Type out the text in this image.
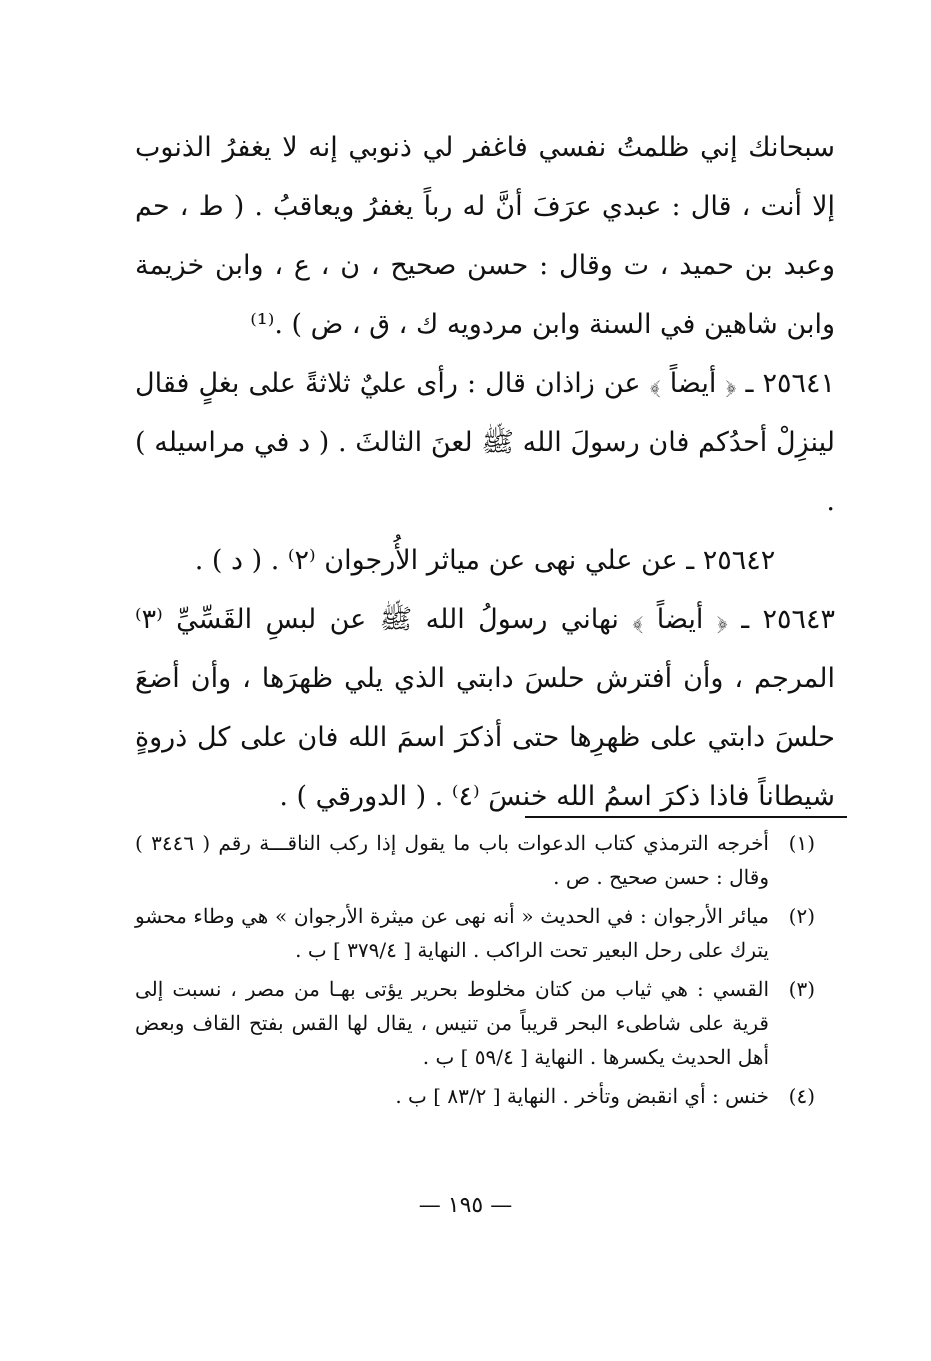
سبحانك إني ظلمتُ نفسي فاغفر لي ذنوبي إنه لا يغفرُ الذنوب إلا أنت ، قال : عبدي عرَفَ أنَّ له رباً يغفرُ ويعاقبُ . ( ط ، حم وعبد بن حميد ، ت وقال : حسن صحيح ، ن ، ع ، وابن خزيمة وابن شاهين في السنة وابن مردويه ك ، ق ، ض ) .⁽¹⁾

٢٥٦٤١ ـ ﴿ أيضاً ﴾ عن زاذان قال : رأى عليٌ ثلاثةً على بغلٍ فقال لينزِلْ أحدُكم فان رسولَ الله ﷺ لعنَ الثالثَ . ( د في مراسيله ) .

٢٥٦٤٢ ـ عن علي نهى عن مياثر الأُرجوان ⁽٢⁾ . ( د ) .

٢٥٦٤٣ ـ ﴿ أيضاً ﴾ نهاني رسولُ الله ﷺ عن لبسِ القَسِّيِّ ⁽٣⁾ المرجم ، وأن أفترش حلسَ دابتي الذي يلي ظهرَها ، وأن أضعَ حلسَ دابتي على ظهرِها حتى أذكرَ اسمَ الله فان على كل ذروةٍ شيطاناً فاذا ذكرَ اسمُ الله خنسَ ⁽٤⁾ . ( الدورقي ) .

(١)
أخرجه الترمذي كتاب الدعوات باب ما يقول إذا ركب الناقـــة رقم ( ٣٤٤٦ ) وقال : حسن صحيح . ص .
(٢)
ميائر الأرجوان : في الحديث « أنه نهى عن ميثرة الأرجوان » هي وطاء محشو يترك على رحل البعير تحت الراكب . النهاية [ ٣٧٩/٤ ] ب .
(٣)
القسي : هي ثياب من كتان مخلوط بحرير يؤتى بهـا من مصر ، نسبت إلى قرية على شاطىء البحر قريباً من تنيس ، يقال لها القس بفتح القاف وبعض أهل الحديث يكسرها . النهاية [ ٥٩/٤ ] ب .
(٤)
خنس : أي انقبض وتأخر . النهاية [ ٨٣/٢ ] ب .
— ١٩٥ —
